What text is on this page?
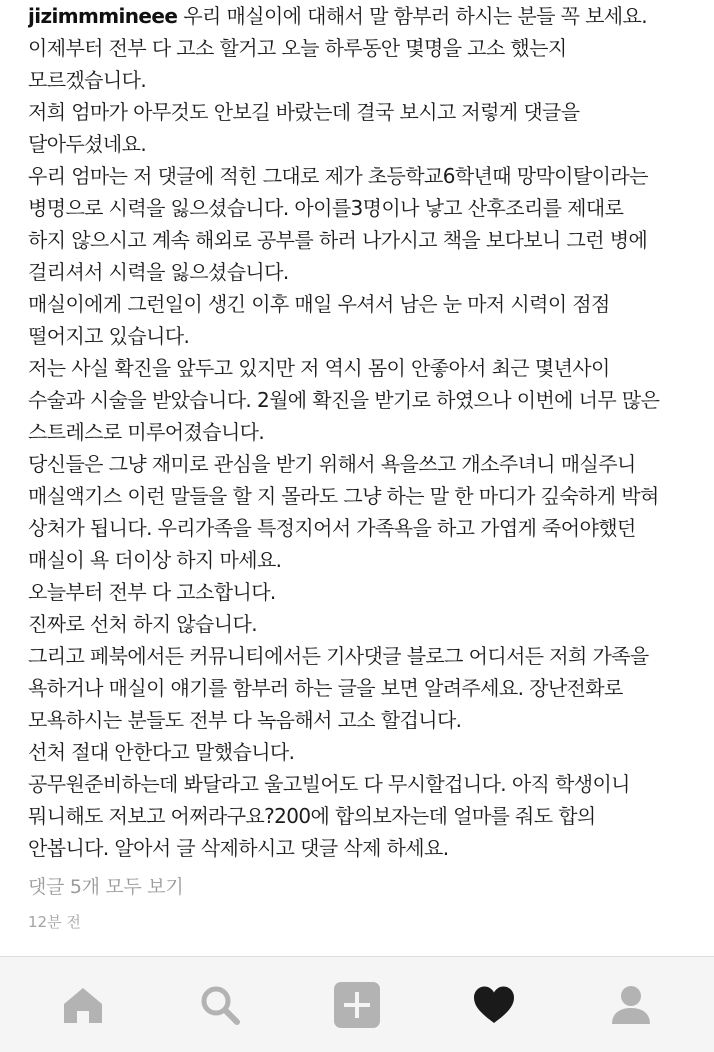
jizimmmineee 우리 매실이에 대해서 말 함부러 하시는 분들 꼭 보세요.
이제부터 전부 다 고소 할거고 오늘 하루동안 몇명을 고소 했는지
모르겠습니다.
저희 엄마가 아무것도 안보길 바랐는데 결국 보시고 저렇게 댓글을
달아두셨네요.
우리 엄마는 저 댓글에 적힌 그대로 제가 초등학교6학년때 망막이탈이라는
병명으로 시력을 잃으셨습니다. 아이를3명이나 낳고 산후조리를 제대로
하지 않으시고 계속 해외로 공부를 하러 나가시고 책을 보다보니 그런 병에
걸리셔서 시력을 잃으셨습니다.
매실이에게 그런일이 생긴 이후 매일 우셔서 남은 눈 마저 시력이 점점
떨어지고 있습니다.
저는 사실 확진을 앞두고 있지만 저 역시 몸이 안좋아서 최근 몇년사이
수술과 시술을 받았습니다. 2월에 확진을 받기로 하였으나 이번에 너무 많은
스트레스로 미루어졌습니다.
당신들은 그냥 재미로 관심을 받기 위해서 욕을쓰고 개소주녀니 매실주니
매실액기스 이런 말들을 할 지 몰라도 그냥 하는 말 한 마디가 깊숙하게 박혀
상처가 됩니다. 우리가족을 특정지어서 가족욕을 하고 가엽게 죽어야했던
매실이 욕 더이상 하지 마세요.
오늘부터 전부 다 고소합니다.
진짜로 선처 하지 않습니다.
그리고 페북에서든 커뮤니티에서든 기사댓글 블로그 어디서든 저희 가족을
욕하거나 매실이 얘기를 함부러 하는 글을 보면 알려주세요. 장난전화로
모욕하시는 분들도 전부 다 녹음해서 고소 할겁니다.
선처 절대 안한다고 말했습니다.
공무원준비하는데 봐달라고 울고빌어도 다 무시할겁니다. 아직 학생이니
뭐니해도 저보고 어쩌라구요?200에 합의보자는데 얼마를 줘도 합의
안봅니다. 알아서 글 삭제하시고 댓글 삭제 하세요.
댓글 5개 모두 보기
12분 전
